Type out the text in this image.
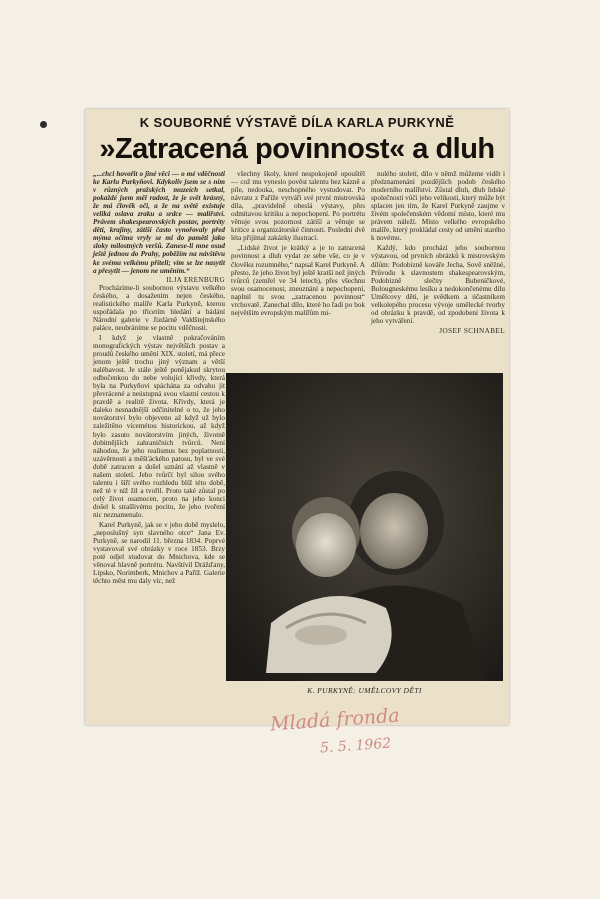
K SOUBORNÉ VÝSTAVĚ DÍLA KARLA PURKYNĚ
»Zatracená povinnost« a dluh
„...chci hovořit o jiné věci — o mé vděčnosti ke Karlu Purkyňovi. Kdykoliv jsem se s ním v různých pražských muzeích setkal, pokaždé jsem měl radost, že je svět krásný, že má člověk oči, a že na světě existuje veliká oslava zraku a srdce — malířství. Právem shakespearovských postav, portréty dětí, krajiny, zátiší často vynořovaly před mýma očima vryly se mi do paměti jako sloky milostných veršů. Zanese-li mne osud ještě jednou do Prahy, poběžím na návštěvu ke svému velkému příteli; vím se lze nasytit a přesytit — jenom ne uměním.“
ILJA ERENBURG

Procházíme-li soubornou výstavu velkého českého, a dosažením nejen českého, realistického malíře Karla Purkyně, kterou uspořádala po třicetím hledání a bádání Národní galerie v Jízdárně Valdštejnského paláce, neubráníme se pocitu vděčnosti.

I když je vlastně pokračováním monografických výstav největších postav a proudů českého umění XIX. století, má přece jenom ještě trochu jiný význam a větší naléhavost. Je stále ještě ponějakud skrytou odbočenkou do nebe volující křivdy, která byla na Purkyňovi spáchána za odvahu jít převrácené a neústupná svou vlastní cestou k pravdě a realitě života. Křivdy, která je daleko nesnadnější odčinitelné o to, že jeho novátorství bylo objeveno až když už bylo zaležitěno vícemétou historickou, až když bylo zasuto novátorstvím jiných, životně dobitnějších zahraničních tvůrců. Není náhodou, že jeho realismus bez poplatnosti, uzávěrnosti a měšťáckého patosu, byl ve své době zatracen a došel uznání až vlastně v našem století. Jeho tvůrčí byl silou svého talentu i šíří svého rozhledu blíž této době, než té v níž žil a tvořil. Proto také zůstal po celý život osamocen, proto na jeho konci došel k strašlivému pocitu, že jeho tvoření nic neznamenalo.

Karel Purkyně, jak se v jeho době myslelo, „neposlušný syn slavného otce“ Jana Ev. Purkyně, se narodil 11. března 1834. Poprvé vystavoval své obrázky v roce 1853. Brzy poté odjel studovat do Mnichova, kde se věnoval hlavně portrétu. Navštívil Drážďany, Lipsko, Norimberk, Mnichov a Paříž. Galerie těchto měst mu daly víc, než

všechny školy, které nespokojeně opouštěl — což mu vyneslo pověst talentu bez kázně a píle, nedouka, neschopného vystudovat. Po návratu z Paříže vytváří své první mistrovská díla, „pravidelně obeslá výstavy, přes odmítavou kritiku a nepochopení. Po portrétu věnuje svou pozornost zátiší a věnuje se kritice a organizátorské činnosti. Poslední dvě léta přijímal zakázky ilustrací.

„Lidské život je krátký a je to zatracená povinnost a dluh vydat ze sebe vše, co je v člověku rozumného,“ napsal Karel Purkyně. A přesto, že jeho život byl ještě kratší než jiných tvůrců (zemřel ve 34 letech), přes všechnu svou osamocenost, zneuznání a nepochopení, naplnil tu svou „zatracenou povinnost“ vrchovatě. Zanechal dílo, které ho řadí po bok největším evropským malířům mi-

nulého století, dílo v němž můžeme vidět i předznamenání pozdějších podob českého moderního malířství. Zůstal dluh, dluh lidské společnosti vůči jeho velikosti, který může být splacen jen tím, že Karel Purkyně zaujme v živém společenském vědomí místo, které mu právem náleží. Místo velkého evropského malíře, který prokládal cesty od umění starého k novému.

Každý, kdo prochází jeho soubornou výstavou, od prvních obrázků k mistrovským dílům: Podobizně kováře Jecha, Sově sněžné, Průvodu k slavnostem shakespearovským, Podobizně slečny Bubeníčkové, Bolougneskému lesíku a nedokončenému dílu Umělcovy děti, je svědkem a účastníkem velkolepého procesu vývoje umělecké tvorby od obrázku k pravdě, od zpodobení života k jeho vytváření.

JOSEF SCHNABEL
K. PURKYNĚ: UMĚLCOVY DĚTI
Mladá fronda
5. 5. 1962
